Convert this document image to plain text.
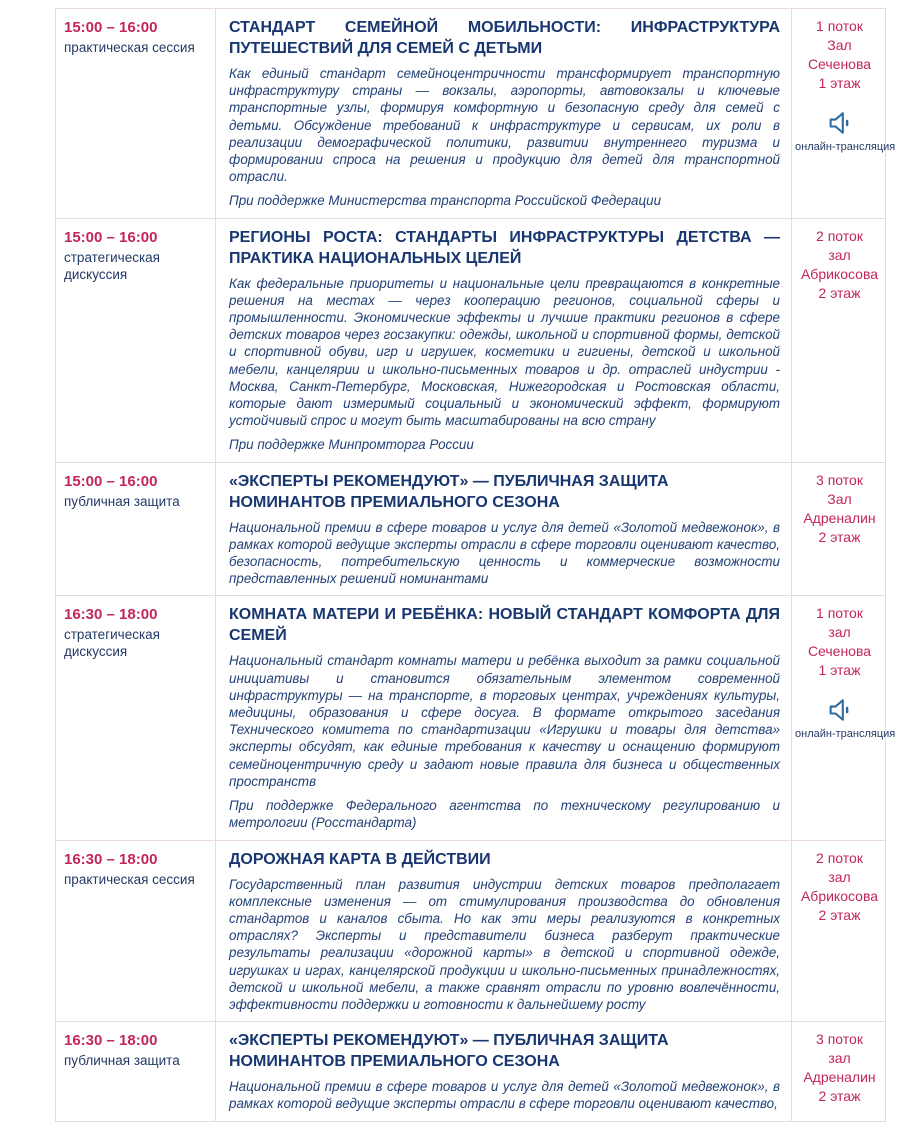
15:00 – 16:00
практическая сессия
СТАНДАРТ СЕМЕЙНОЙ МОБИЛЬНОСТИ: ИНФРАСТРУКТУРА ПУТЕШЕСТВИЙ ДЛЯ СЕМЕЙ С ДЕТЬМИ
Как единый стандарт семейноцентричности трансформирует транспортную инфраструктуру страны — вокзалы, аэропорты, автовокзалы и ключевые транспортные узлы, формируя комфортную и безопасную среду для семей с детьми. Обсуждение требований к инфраструктуре и сервисам, их роли в реализации демографической политики, развитии внутреннего туризма и формировании спроса на решения и продукцию для детей для транспортной отрасли.
При поддержке Министерства транспорта Российской Федерации
1 поток
Зал Сеченова
1 этаж
онлайн-трансляция
15:00 – 16:00
стратегическая дискуссия
РЕГИОНЫ РОСТА: СТАНДАРТЫ ИНФРАСТРУКТУРЫ ДЕТСТВА — ПРАКТИКА НАЦИОНАЛЬНЫХ ЦЕЛЕЙ
Как федеральные приоритеты и национальные цели превращаются в конкретные решения на местах — через кооперацию регионов, социальной сферы и промышленности. Экономические эффекты и лучшие практики регионов в сфере детских товаров через госзакупки: одежды, школьной и спортивной формы, детской и спортивной обуви, игр и игрушек, косметики и гигиены, детской и школьной мебели, канцелярии и школьно-письменных товаров и др. отраслей индустрии - Москва, Санкт-Петербург, Московская, Нижегородская и Ростовская области, которые дают измеримый социальный и экономический эффект, формируют устойчивый спрос и могут быть масштабированы на всю страну
При поддержке Минпромторга России
2 поток
зал
Абрикосова
2 этаж
15:00 – 16:00
публичная защита
«ЭКСПЕРТЫ РЕКОМЕНДУЮТ» — ПУБЛИЧНАЯ ЗАЩИТА НОМИНАНТОВ ПРЕМИАЛЬНОГО СЕЗОНА
Национальной премии в сфере товаров и услуг для детей «Золотой медвежонок», в рамках которой ведущие эксперты отрасли в сфере торговли оценивают качество, безопасность, потребительскую ценность и коммерческие возможности представленных решений номинантами
3 поток
Зал
Адреналин
2 этаж
16:30 – 18:00
стратегическая дискуссия
КОМНАТА МАТЕРИ И РЕБЁНКА: НОВЫЙ СТАНДАРТ КОМФОРТА ДЛЯ СЕМЕЙ
Национальный стандарт комнаты матери и ребёнка выходит за рамки социальной инициативы и становится обязательным элементом современной инфраструктуры — на транспорте, в торговых центрах, учреждениях культуры, медицины, образования и сфере досуга. В формате открытого заседания Технического комитета по стандартизации «Игрушки и товары для детства» эксперты обсудят, как единые требования к качеству и оснащению формируют семейноцентричную среду и задают новые правила для бизнеса и общественных пространств
При поддержке Федерального агентства по техническому регулированию и метрологии (Росстандарта)
1 поток
зал Сеченова
1 этаж
онлайн-трансляция
16:30 – 18:00
практическая сессия
ДОРОЖНАЯ КАРТА В ДЕЙСТВИИ
Государственный план развития индустрии детских товаров предполагает комплексные изменения — от стимулирования производства до обновления стандартов и каналов сбыта. Но как эти меры реализуются в конкретных отраслях? Эксперты и представители бизнеса разберут практические результаты реализации «дорожной карты» в детской и спортивной одежде, игрушках и играх, канцелярской продукции и школьно-письменных принадлежностях, детской и школьной мебели, а также сравнят отрасли по уровню вовлечённости, эффективности поддержки и готовности к дальнейшему росту
2 поток
зал
Абрикосова
2 этаж
16:30 – 18:00
публичная защита
«ЭКСПЕРТЫ РЕКОМЕНДУЮТ» — ПУБЛИЧНАЯ ЗАЩИТА НОМИНАНТОВ ПРЕМИАЛЬНОГО СЕЗОНА
Национальной премии в сфере товаров и услуг для детей «Золотой медвежонок», в рамках которой ведущие эксперты отрасли в сфере торговли оценивают качество,
3 поток
зал
Адреналин
2 этаж
